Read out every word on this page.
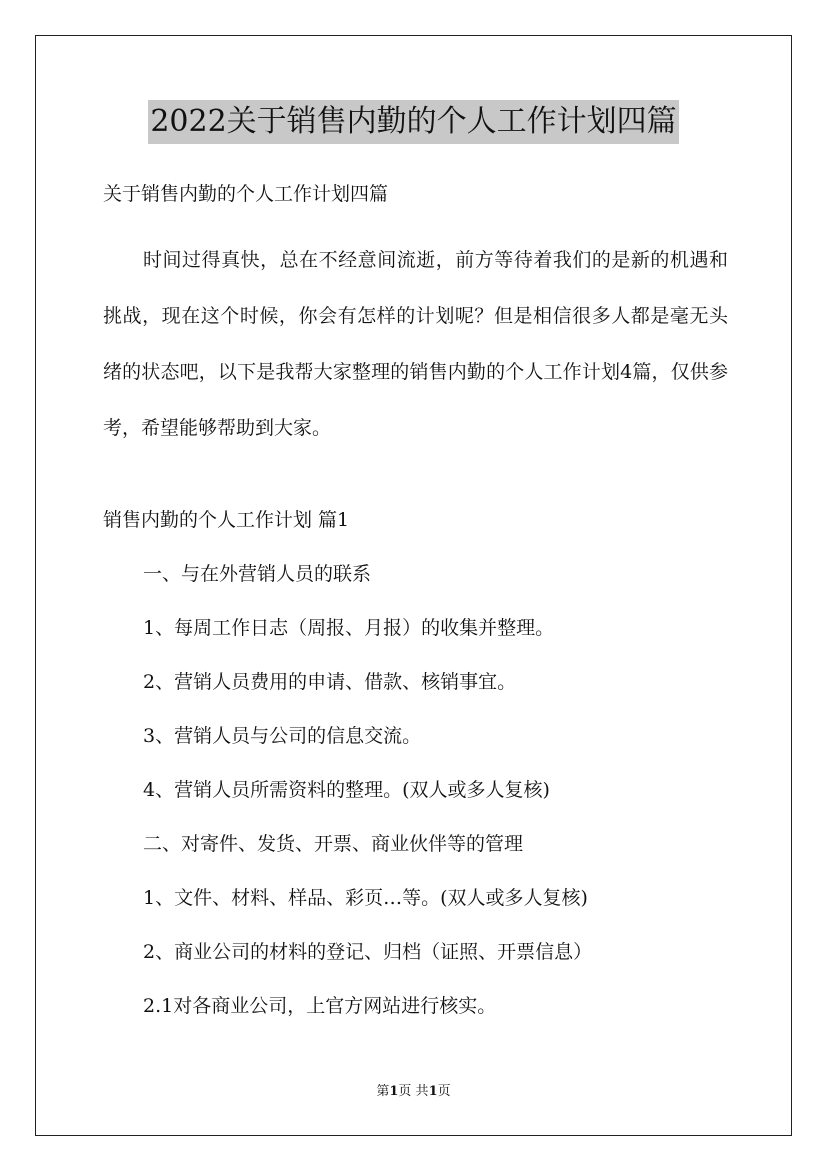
2022关于销售内勤的个人工作计划四篇
关于销售内勤的个人工作计划四篇
时间过得真快，总在不经意间流逝，前方等待着我们的是新的机遇和挑战，现在这个时候，你会有怎样的计划呢？但是相信很多人都是毫无头绪的状态吧，以下是我帮大家整理的销售内勤的个人工作计划4篇，仅供参考，希望能够帮助到大家。
销售内勤的个人工作计划 篇1
一、与在外营销人员的联系
1、每周工作日志（周报、月报）的收集并整理。
2、营销人员费用的申请、借款、核销事宜。
3、营销人员与公司的信息交流。
4、营销人员所需资料的整理。(双人或多人复核)
二、对寄件、发货、开票、商业伙伴等的管理
1、文件、材料、样品、彩页…等。(双人或多人复核)
2、商业公司的材料的登记、归档（证照、开票信息）
2.1对各商业公司，上官方网站进行核实。
第1页 共1页
